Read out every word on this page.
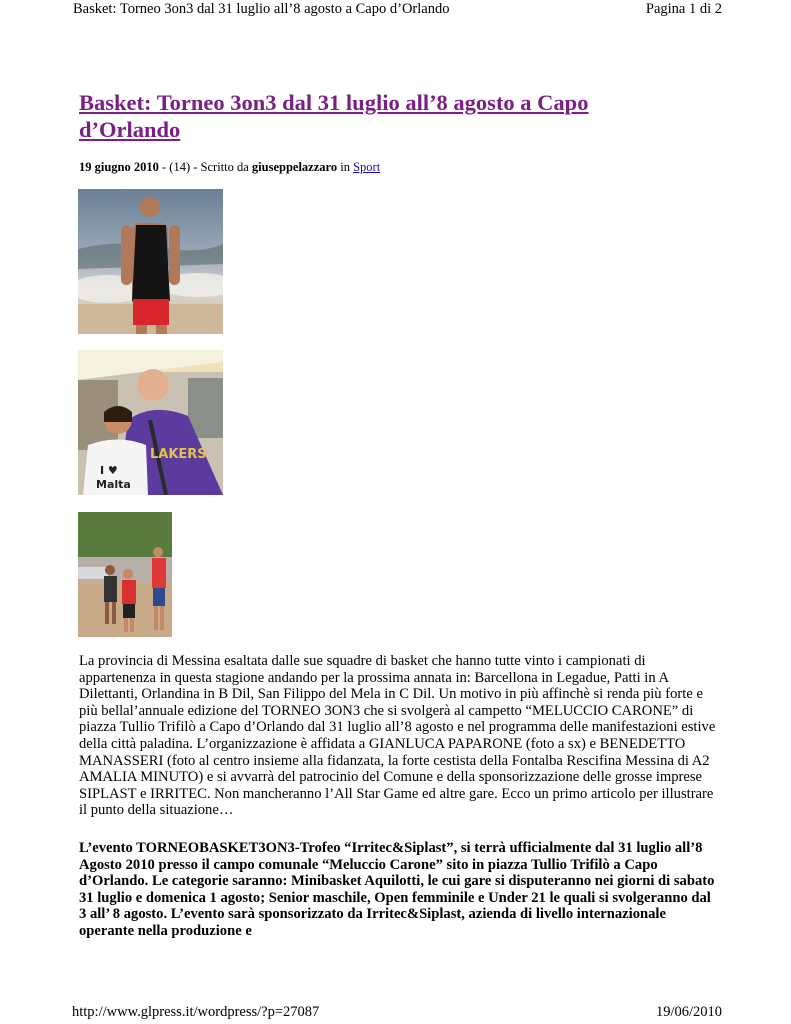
Basket: Torneo 3on3 dal 31 luglio all’8 agosto a Capo d’Orlando	Pagina 1 di 2
Basket: Torneo 3on3 dal 31 luglio all’8 agosto a Capo d’Orlando
19 giugno 2010 - (14) - Scritto da giuseppelazzaro in Sport
LAKERS
I ♥
Malta

La provincia di Messina esaltata dalle sue squadre di basket che hanno tutte vinto i campionati di appartenenza in questa stagione andando per la prossima annata in: Barcellona in Legadue, Patti in A Dilettanti, Orlandina in B Dil, San Filippo del Mela in C Dil. Un motivo in più affinchè si renda più forte e più bellal’annuale edizione del TORNEO 3ON3 che si svolgerà al campetto “MELUCCIO CARONE” di piazza Tullio Trifilò a Capo d’Orlando dal 31 luglio all’8 agosto e nel programma delle manifestazioni estive della città paladina. L’organizzazione è affidata a GIANLUCA PAPARONE (foto a sx) e BENEDETTO MANASSERI (foto al centro insieme alla fidanzata, la forte cestista della Fontalba Rescifina Messina di A2 AMALIA MINUTO) e si avvarrà del patrocinio del Comune e della sponsorizzazione delle grosse imprese SIPLAST e IRRITEC. Non mancheranno l’All Star Game ed altre gare. Ecco un primo articolo per illustrare il punto della situazione…

L’evento TORNEOBASKET3ON3-Trofeo “Irritec&Siplast”, si terrà ufficialmente dal 31 luglio all’8 Agosto 2010 presso il campo comunale “Meluccio Carone” sito in piazza Tullio Trifilò a Capo d’Orlando. Le categorie saranno: Minibasket Aquilotti, le cui gare si disputeranno nei giorni di sabato 31 luglio e domenica 1 agosto; Senior maschile, Open femminile e Under 21 le quali si svolgeranno dal 3 all’ 8 agosto. L’evento sarà sponsorizzato da Irritec&Siplast, azienda di livello internazionale operante nella produzione e

http://www.glpress.it/wordpress/?p=27087	19/06/2010
